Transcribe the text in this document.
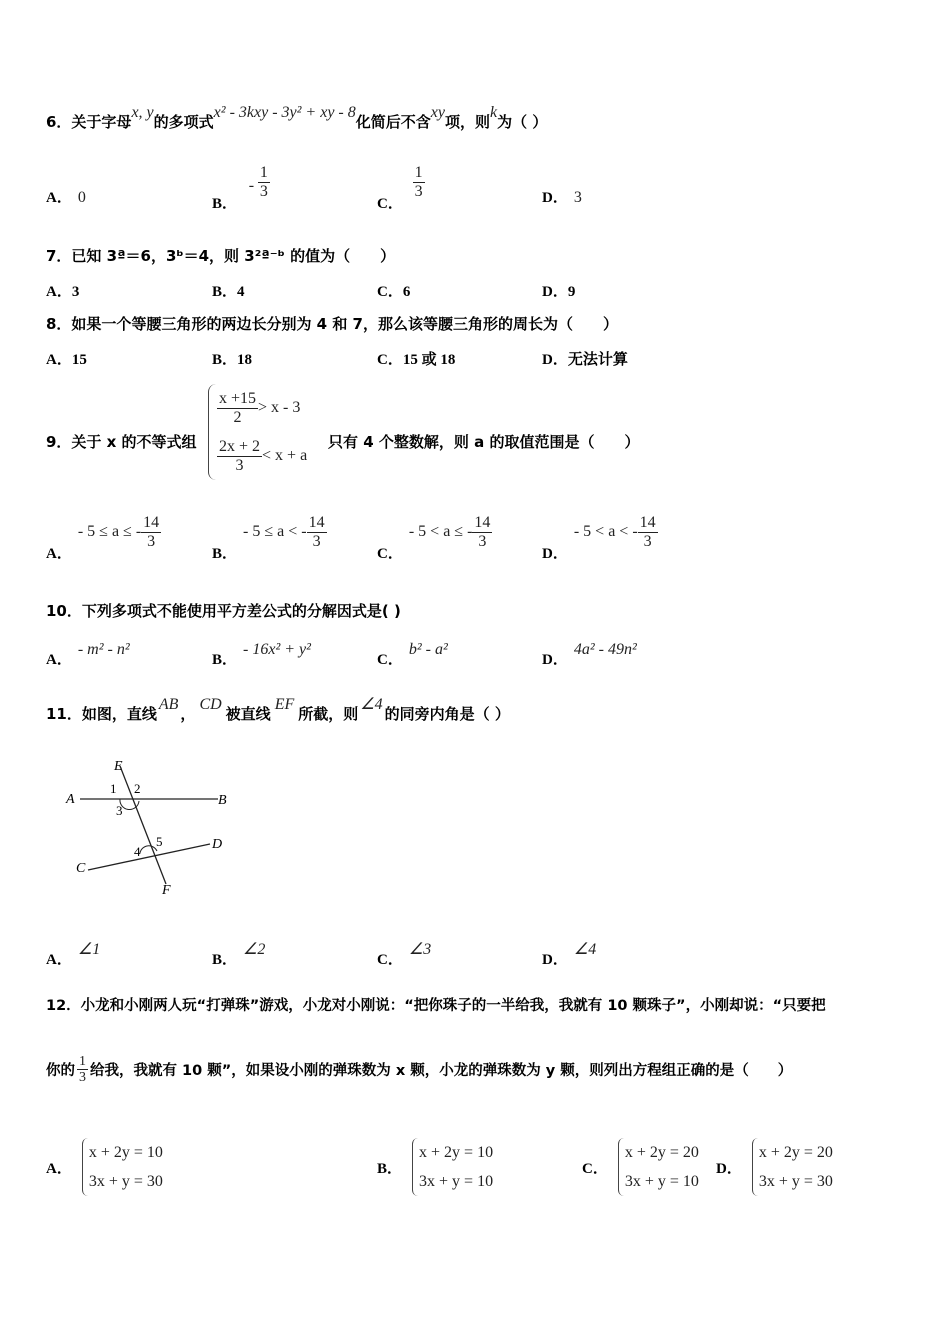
6．关于字母x, y的多项式x² - 3kxy - 3y² + xy - 8化简后不含xy项，则k为（ ）
A． 0	B． - $\frac{1}{3}$
C．
$\frac{1}{3}$	D． 3
7．已知 3ª＝6，3ᵇ＝4，则 3²ª⁻ᵇ 的值为（　　）
A．3	B．4	C．6	D．9
8．如果一个等腰三角形的两边长分别为 4 和 7，那么该等腰三角形的周长为（　　）
A．15	B．18	C．15 或 18	D．无法计算
9．关于 x 的不等式组
$\frac{x +15}{2} > x - 3$
$\frac{2x + 2}{3} < x + a$
只有 4 个整数解，则 a 的取值范围是（　　）
A．- 5 ≤ a ≤ - $\frac{14}{3}$
B．- 5 ≤ a < - $\frac{14}{3}$
C．- 5 < a ≤ - $\frac{14}{3}$
D．- 5 < a < - $\frac{14}{3}$
10．下列多项式不能使用平方差公式的分解因式是( )
A．- m² - n²
B．- 16x² + y²
C．b² - a²
D．4a² - 49n²
11．如图，直线AB，CD被直线EF所截，则∠4的同旁内角是（ ）
A	B
C
D
E
F
1 2
3
4
5
A．∠1
B．∠2
C．∠3
D．∠4
12．小龙和小刚两人玩“打弹珠”游戏，小龙对小刚说：“把你珠子的一半给我，我就有 10 颗珠子”，小刚却说：“只要把
你的 $\frac{1}{3}$ 给我，我就有 10 颗”，如果设小刚的弹珠数为 x 颗，小龙的弹珠数为 y 颗，则列出方程组正确的是（　　）
A．
x + 2y = 10
3x + y = 30
B．
x + 2y = 10
3x + y = 10
C．
x + 2y = 20
3x + y = 10
D．
x + 2y = 20
3x + y = 30
